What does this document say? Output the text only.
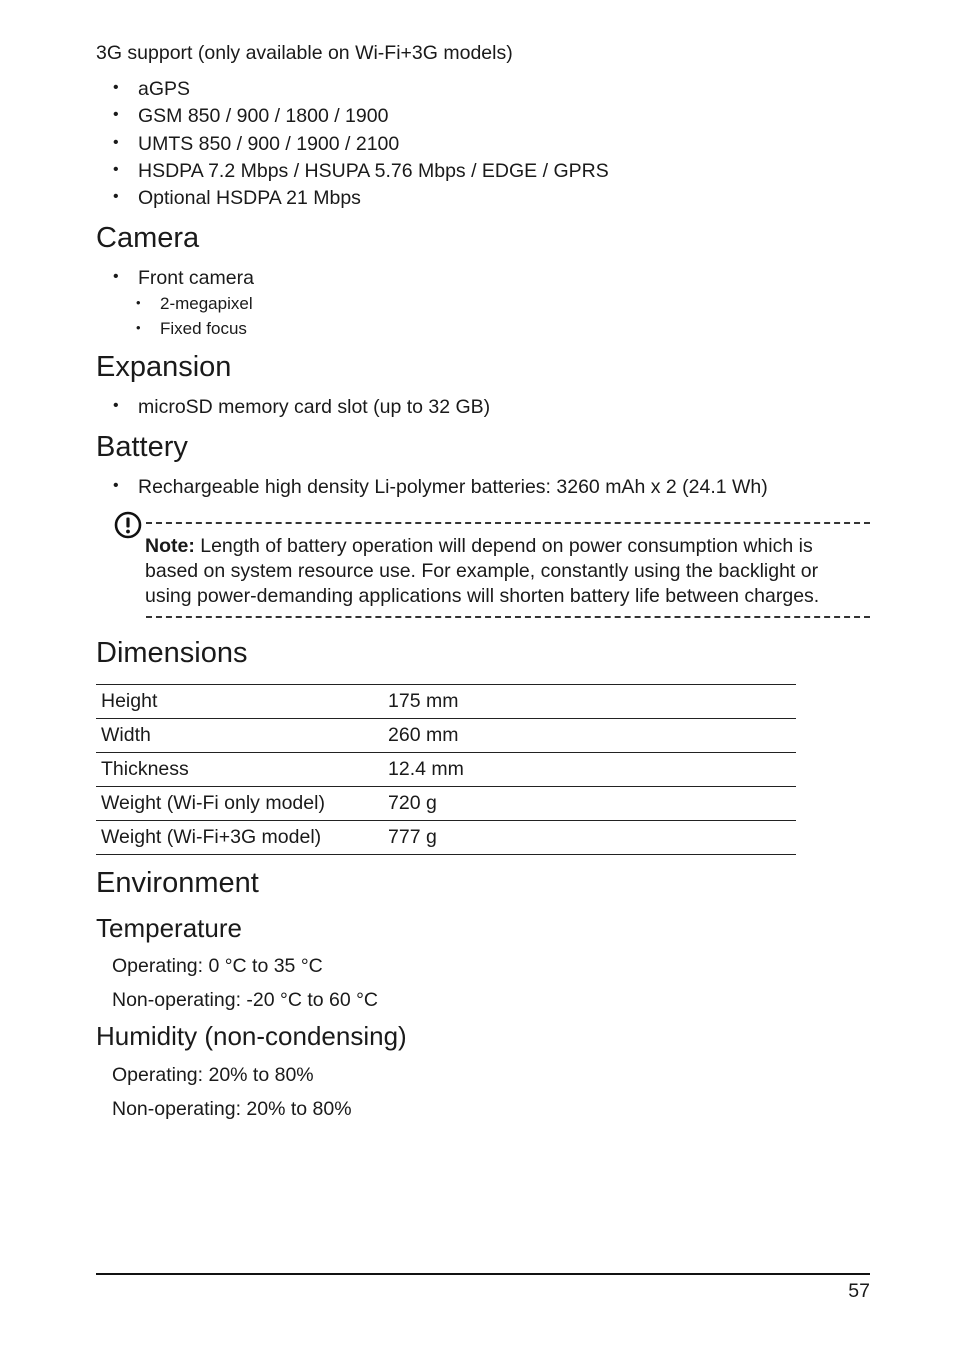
3G support (only available on Wi-Fi+3G models)
• aGPS
• GSM 850 / 900 / 1800 / 1900
• UMTS 850 / 900 / 1900 / 2100
• HSDPA 7.2 Mbps / HSUPA 5.76 Mbps / EDGE / GPRS
• Optional HSDPA 21 Mbps
Camera
• Front camera
• 2-megapixel
• Fixed focus
Expansion
• microSD memory card slot (up to 32 GB)
Battery
• Rechargeable high density Li-polymer batteries: 3260 mAh x 2 (24.1 Wh)
Note: Length of battery operation will depend on power consumption which is based on system resource use. For example, constantly using the backlight or using power-demanding applications will shorten battery life between charges.
Dimensions
Height	175 mm
Width	260 mm
Thickness	12.4 mm
Weight (Wi-Fi only model)	720 g
Weight (Wi-Fi+3G model)	777 g
Environment
Temperature
Operating: 0 °C to 35 °C
Non-operating: -20 °C to 60 °C
Humidity (non-condensing)
Operating: 20% to 80%
Non-operating: 20% to 80%
57
